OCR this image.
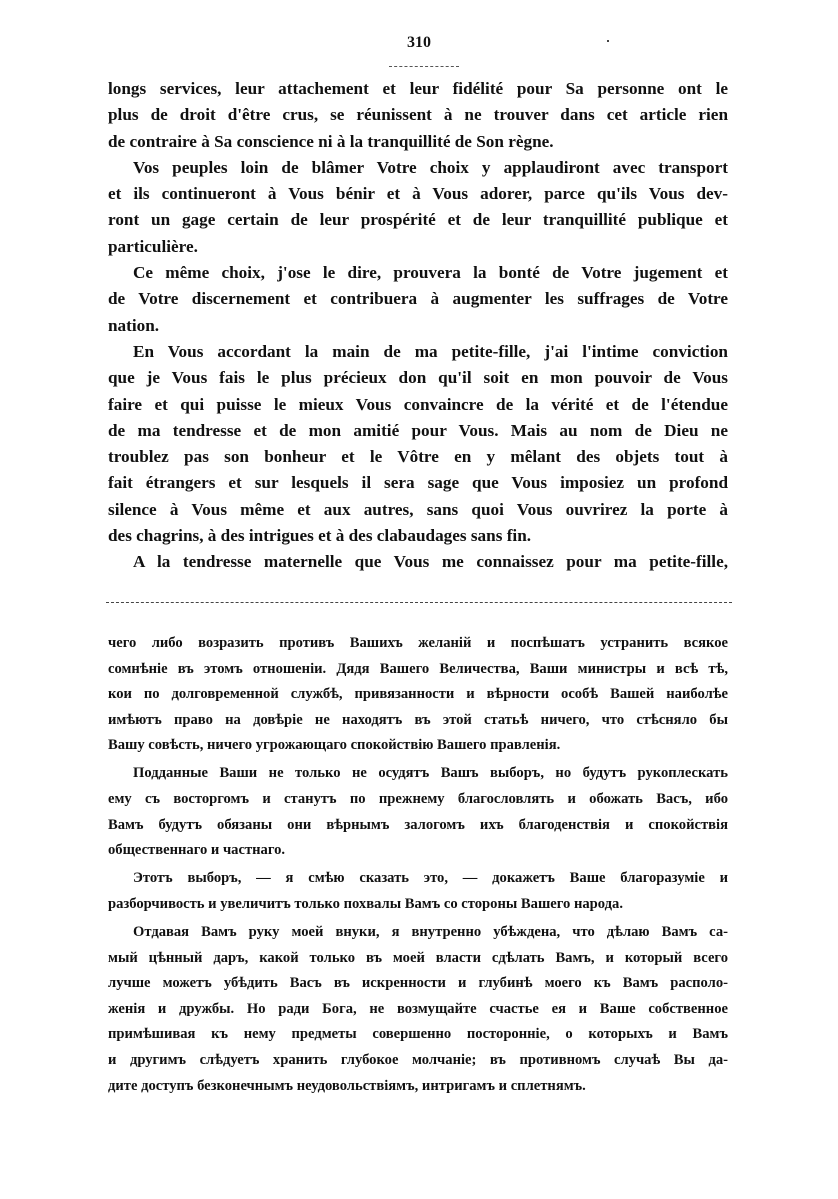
310
longs services, leur attachement et leur fidélité pour Sa personne ont le
plus de droit d'être crus, se réunissent à ne trouver dans cet article rien
de contraire à Sa conscience ni à la tranquillité de Son règne.
Vos peuples loin de blâmer Votre choix y applaudiront avec transport
et ils continueront à Vous bénir et à Vous adorer, parce qu'ils Vous dev-
ront un gage certain de leur prospérité et de leur tranquillité publique et
particulière.
Ce même choix, j'ose le dire, prouvera la bonté de Votre jugement et
de Votre discernement et contribuera à augmenter les suffrages de Votre
nation.
En Vous accordant la main de ma petite-fille, j'ai l'intime conviction
que je Vous fais le plus précieux don qu'il soit en mon pouvoir de Vous
faire et qui puisse le mieux Vous convaincre de la vérité et de l'étendue
de ma tendresse et de mon amitié pour Vous. Mais au nom de Dieu ne
troublez pas son bonheur et le Vôtre en y mêlant des objets tout à
fait étrangers et sur lesquels il sera sage que Vous imposiez un profond
silence à Vous même et aux autres, sans quoi Vous ouvrirez la porte à
des chagrins, à des intrigues et à des clabaudages sans fin.
A la tendresse maternelle que Vous me connaissez pour ma petite-fille,
чего либо возразить противъ Вашихъ желаній и поспѣшатъ устранить всякое
сомнѣніе въ этомъ отношеніи. Дядя Вашего Величества, Ваши министры и всѣ тѣ,
кои по долговременной службѣ, привязанности и вѣрности особѣ Вашей наиболѣе
имѣютъ право на довѣріе не находятъ въ этой статьѣ ничего, что стѣсняло бы
Вашу совѣсть, ничего угрожающаго спокойствію Вашего правленія.
Подданные Ваши не только не осудятъ Вашъ выборъ, но будутъ рукоплескать
ему съ восторгомъ и станутъ по прежнему благословлять и обожать Васъ, ибо
Вамъ будутъ обязаны они вѣрнымъ залогомъ ихъ благоденствія и спокойствія
общественнаго и частнаго.
Этотъ выборъ, — я смѣю сказать это, — докажетъ Ваше благоразуміе и
разборчивость и увеличитъ только похвалы Вамъ со стороны Вашего народа.
Отдавая Вамъ руку моей внуки, я внутренно убѣждена, что дѣлаю Вамъ са-
мый цѣнный даръ, какой только въ моей власти сдѣлать Вамъ, и который всего
лучше можетъ убѣдить Васъ въ искренности и глубинѣ моего къ Вамъ располо-
женія и дружбы. Но ради Бога, не возмущайте счастье ея и Ваше собственное
примѣшивая къ нему предметы совершенно посторонніе, о которыхъ и Вамъ
и другимъ слѣдуетъ хранить глубокое молчаніе; въ противномъ случаѣ Вы да-
дите доступъ безконечнымъ неудовольствіямъ, интригамъ и сплетнямъ.
